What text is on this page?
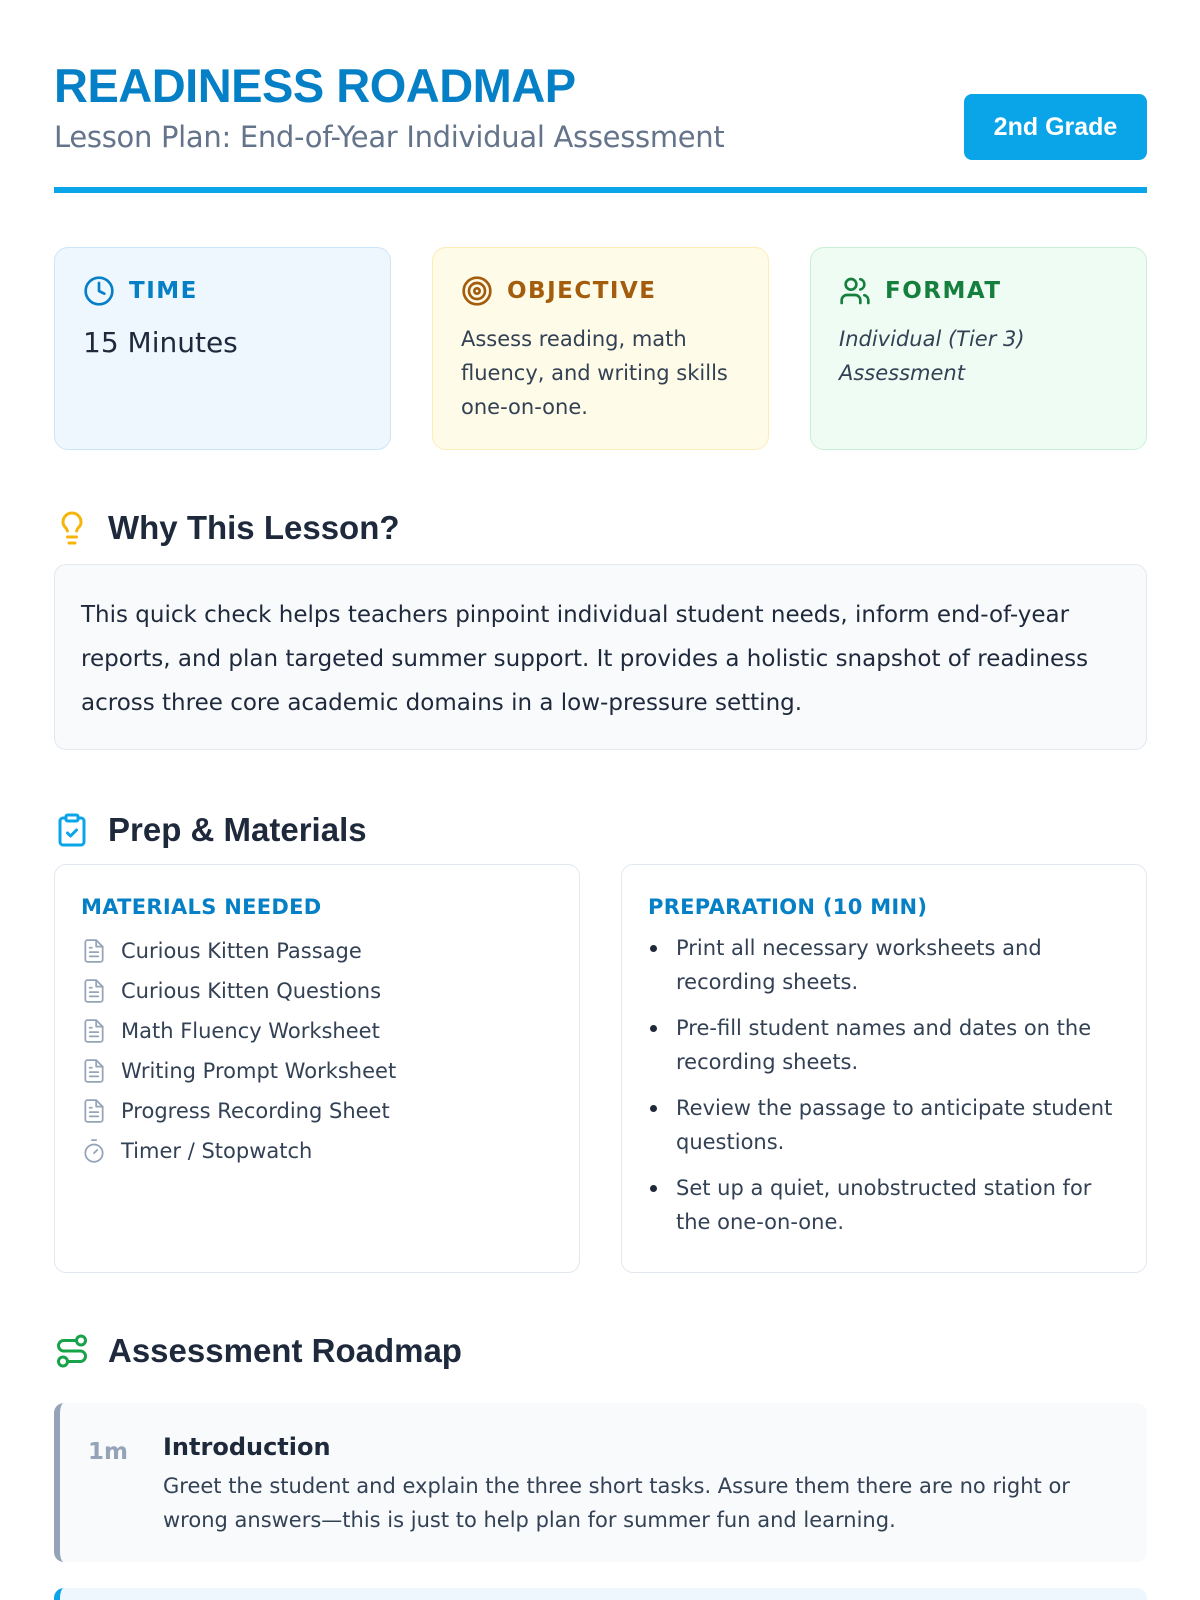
READINESS ROADMAP
Lesson Plan: End-of-Year Individual Assessment	2nd Grade
TIME
15 Minutes
OBJECTIVE
Assess reading, math fluency, and writing skills one-on-one.
FORMAT
Individual (Tier 3) Assessment
Why This Lesson?
This quick check helps teachers pinpoint individual student needs, inform end-of-year reports, and plan targeted summer support. It provides a holistic snapshot of readiness across three core academic domains in a low-pressure setting.
Prep & Materials
MATERIALS NEEDED
Curious Kitten Passage
Curious Kitten Questions
Math Fluency Worksheet
Writing Prompt Worksheet
Progress Recording Sheet
Timer / Stopwatch
PREPARATION (10 MIN)
Print all necessary worksheets and recording sheets.
Pre-fill student names and dates on the recording sheets.
Review the passage to anticipate student questions.
Set up a quiet, unobstructed station for the one-on-one.
Assessment Roadmap
1m Introduction
Greet the student and explain the three short tasks. Assure them there are no right or wrong answers—this is just to help plan for summer fun and learning.
